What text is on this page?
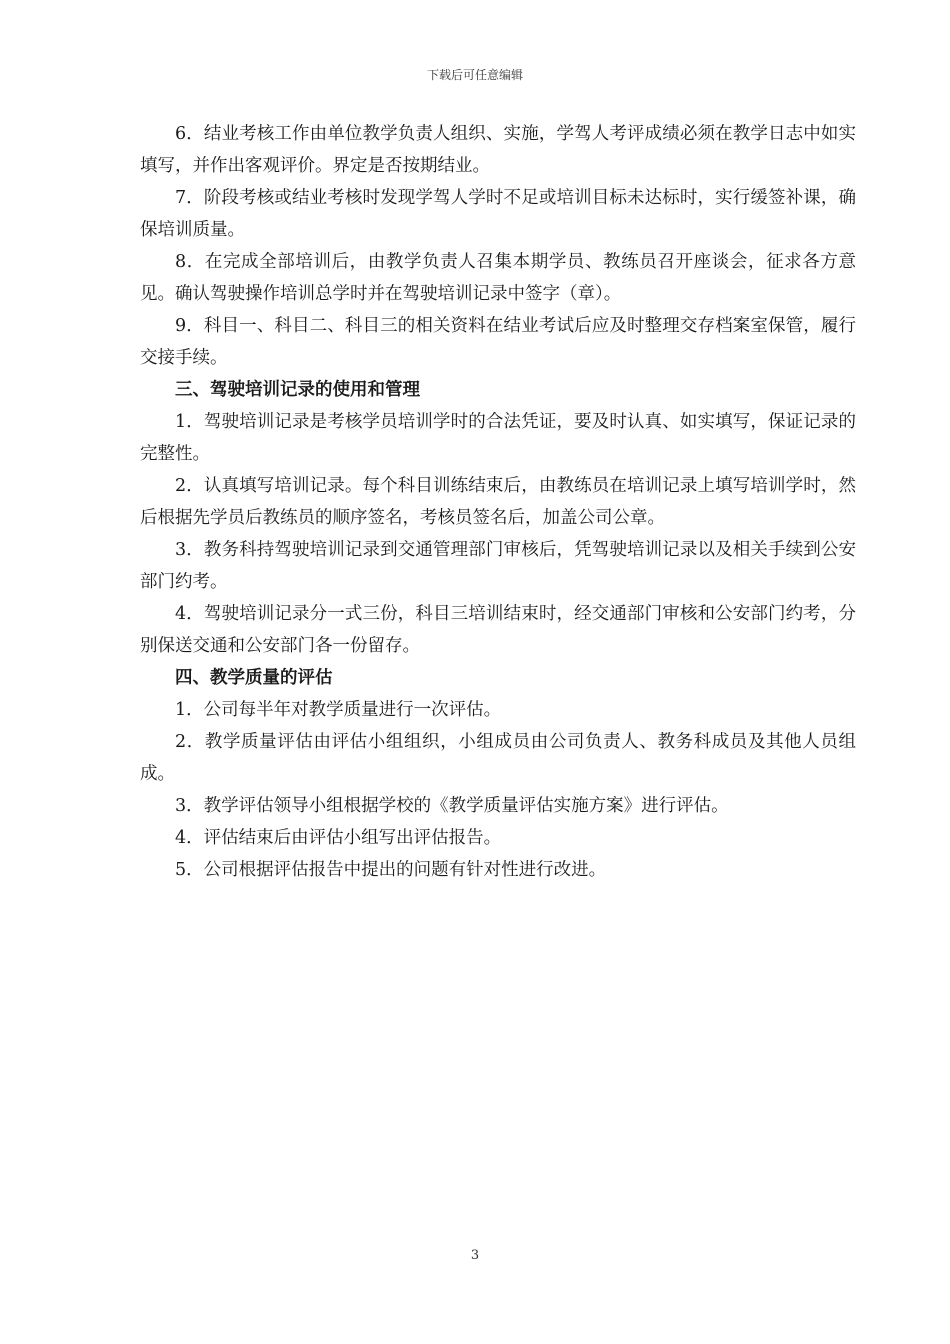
下载后可任意编辑

6．结业考核工作由单位教学负责人组织、实施，学驾人考评成绩必须在教学日志中如实填写，并作出客观评价。界定是否按期结业。

7．阶段考核或结业考核时发现学驾人学时不足或培训目标未达标时，实行缓签补课，确保培训质量。

8．在完成全部培训后，由教学负责人召集本期学员、教练员召开座谈会，征求各方意见。确认驾驶操作培训总学时并在驾驶培训记录中签字（章）。

9．科目一、科目二、科目三的相关资料在结业考试后应及时整理交存档案室保管，履行交接手续。

三、驾驶培训记录的使用和管理

1．驾驶培训记录是考核学员培训学时的合法凭证，要及时认真、如实填写，保证记录的完整性。

2．认真填写培训记录。每个科目训练结束后，由教练员在培训记录上填写培训学时，然后根据先学员后教练员的顺序签名，考核员签名后，加盖公司公章。

3．教务科持驾驶培训记录到交通管理部门审核后，凭驾驶培训记录以及相关手续到公安部门约考。

4．驾驶培训记录分一式三份，科目三培训结束时，经交通部门审核和公安部门约考，分别保送交通和公安部门各一份留存。

四、教学质量的评估

1．公司每半年对教学质量进行一次评估。

2．教学质量评估由评估小组组织，小组成员由公司负责人、教务科成员及其他人员组成。

3．教学评估领导小组根据学校的《教学质量评估实施方案》进行评估。

4．评估结束后由评估小组写出评估报告。

5．公司根据评估报告中提出的问题有针对性进行改进。

3
